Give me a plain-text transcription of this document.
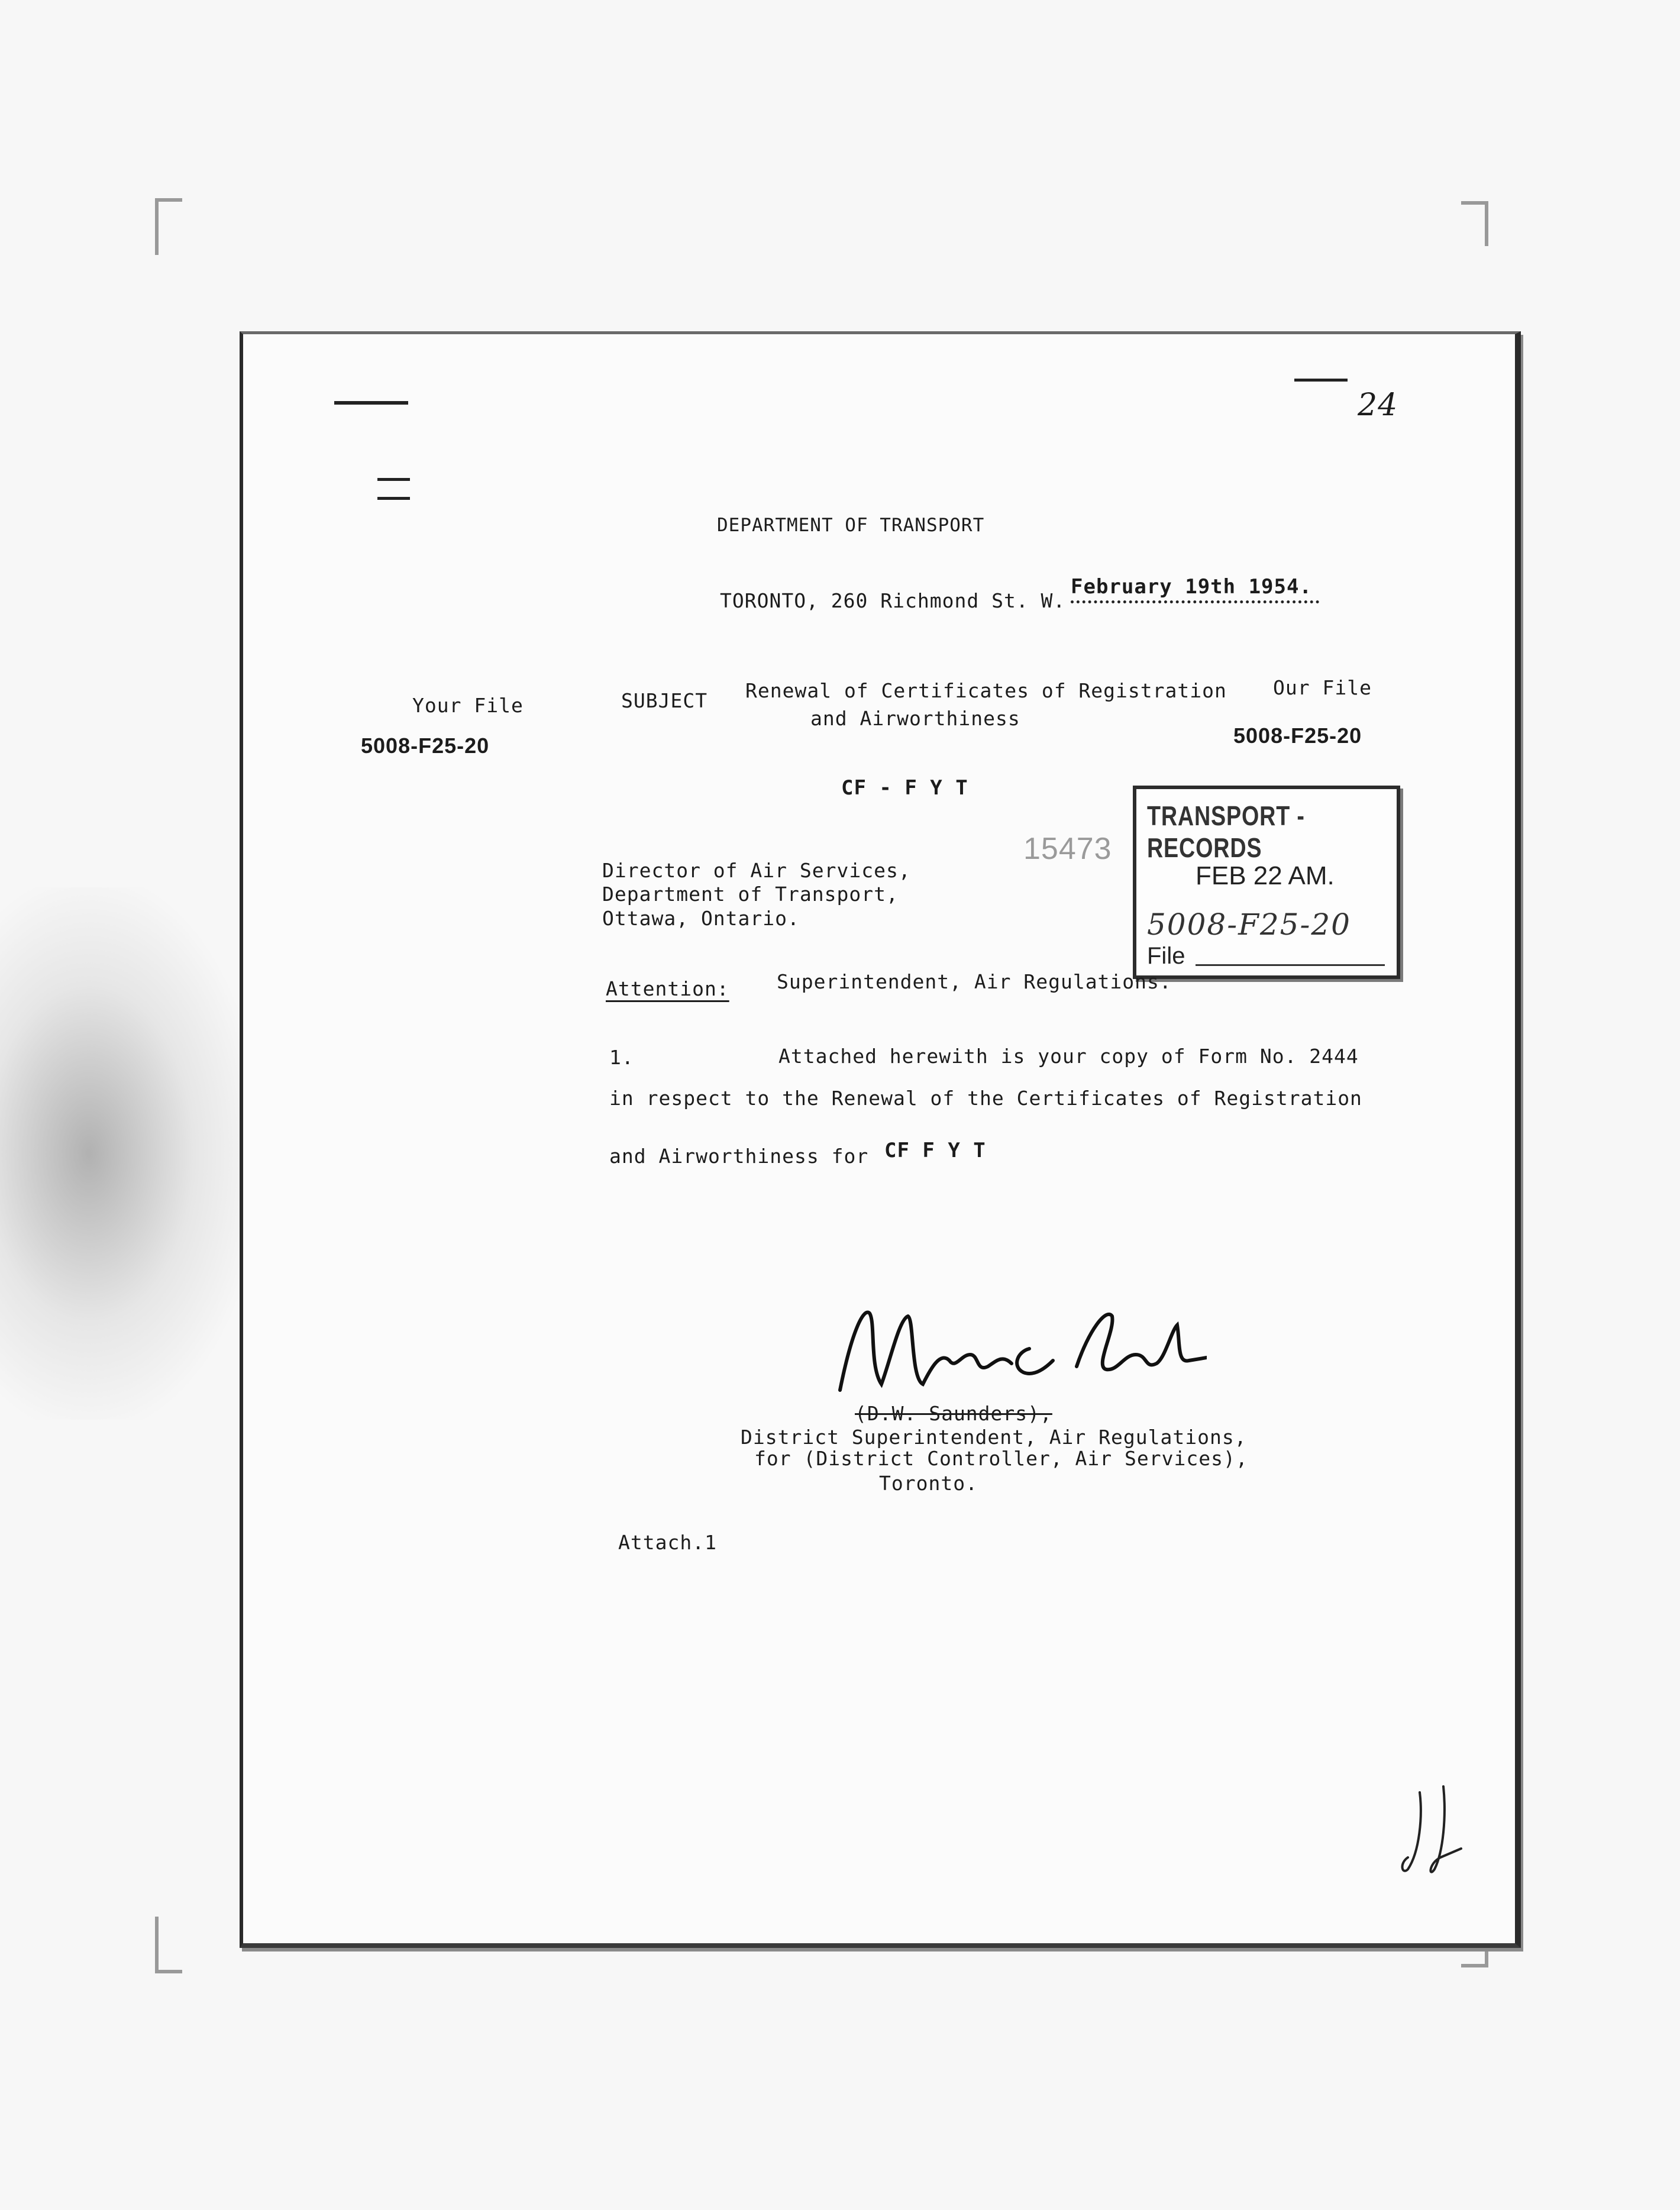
24
DEPARTMENT OF TRANSPORT
TORONTO, 260 Richmond St. W.
February 19th 1954.
Your File
5008-F25-20
SUBJECT Renewal of Certificates of Registration
and Airworthiness
Our File
5008-F25-20
CF - F Y T
15473
TRANSPORT - RECORDS
FEB 22 AM.
5008-F25-20
File
Director of Air Services,
Department of Transport,
Ottawa, Ontario.
Attention: Superintendent, Air Regulations.
1.	Attached herewith is your copy of Form No. 2444
in respect to the Renewal of the Certificates of Registration
and Airworthiness for CF F Y T
(D.W. Saunders),
District Superintendent, Air Regulations,
for (District Controller, Air Services),
Toronto.
Attach.1
